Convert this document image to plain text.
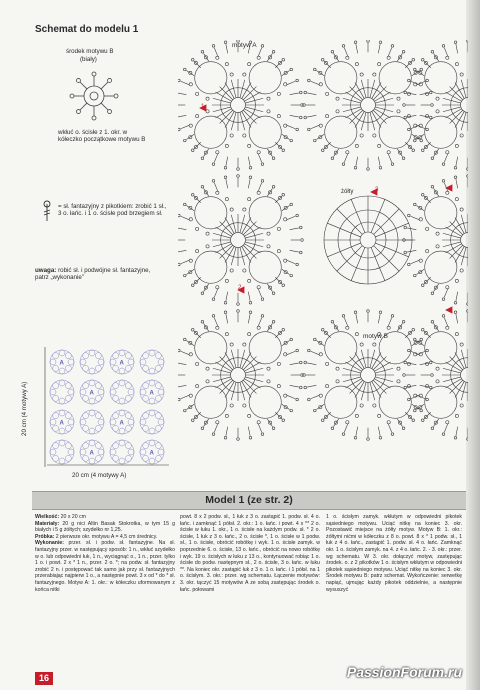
Schemat do modelu 1
środek motywu B
(biały)
wkłuć o. ścisłe z 1. okr. w kółeczko początkowe motywu B
= sł. fantazyjny z pikotkiem: zrobić 1 sł., 3 o. łańc. i 1 o. ścisłe pod brzegiem sł.
uwaga: robić sł. i podwójne sł. fantazyjne, patrz „wykonanie”
motyw A
żółty
motyw B
1
3
2
A	A
A	A
A	A
A	A
20 cm (4 motywy A)
20 cm (4 motywy A)
Model 1 (ze str. 2)

Wielkość: 20 x 20 cm

Materiały: 20 g nici Altin Basak Stokrotka, w tym 15 g białych i 5 g żółtych; szydełko nr 1,25.

Próbka: 2 pierwsze okr. motywu A = 4,5 cm średnicy.

Wykonanie: przer. sł. i podw. sł. fantazyjne. Na sł. fantazyjny przer. w następujący sposób: 1 n., wkłuć szydełko w o. lub odpowiedni łuk, 1 n., wyciągnąć o., 1 n., przer. tylko 1 o. i powt. 2 x * 1 n., przer. 2 o. *; na podw. sł. fantazyjny zrobić 2 n. i postępować tak samo jak przy sł. fantazyjnych przerabiając najpierw 1 o., a następnie powt. 3 x od * do * sł. fantazyjnego. Motyw A: 1. okr.: w kółeczku uformowanym z końca nitki

powt. 8 x 2 podw. sł., 1 łuk z 3 o. zastąpić 1. podw. sł. 4 o. łańc. i zamknąć 1 półsł. 2. okr.: 1 o. łańc. i powt. 4 x ** 2 o. ścisłe w łuku 1. okr., 1 o. ścisłe na każdym podw. sł. * 2 o. ścisłe, 1 łuk z 3 o. łańc., 2 o. ścisłe *, 1 o. ścisłe w 1 podw. sł., 1 o. ścisłe, obrócić robótkę i wyk. 1 o. ścisłe zamyk. w poprzednie 6. o. ścisłe, 13 o. łańc., obrócić na nowo robótkę i wyk. 19 o. ścisłych w łuku z 13 o., kontynuować robiąc 1 o. ścisłe do podw. następnym sł., 2 o. ścisłe, 3 o. łańc. w łuku **. Na koniec okr. zastąpić łuk z 3 o. 1 o. łańc. i 1 półsł. na 1 o. ścisłym. 3. okr.: przer. wg schematu. Łączenie motywów: 3. okr. tączyć 15 motywów A ze sobą zastępując środek o. łańc. połowami

1 o. ścisłym zamyk. wkłutym w odpowiedni pikotek sąsiedniego motywu. Uciąć nitkę na koniec 3. okr. Pozostawić miejsce na żółty motyw. Motyw B: 1. okr.: żółtymi nićmi w kółeczku z 8 o. powt. 8 x * 1 podw. sł., 1 łuk z 4 o. łańc., zastąpić 1. podw. sł. 4 o. łańc. Zamknąć okr. 1 o. ścisłym zamyk. na 4. z 4 o. łańc. 2. - 3. okr.: przer. wg schematu. W 3. okr. dołączyć motyw, zastępując środek. o. z 2 pikotków 1 o. ścisłym wkłutym w odpowiedni pikotek sąsiedniego motywu. Uciąć nitkę na koniec 3. okr. Środek motywu B: patrz schemat. Wykończenie: serwetkę napiąć, ujmując każdy pikotek oddzielnie, a następnie wysuszyć

16	PassionForum.ru
